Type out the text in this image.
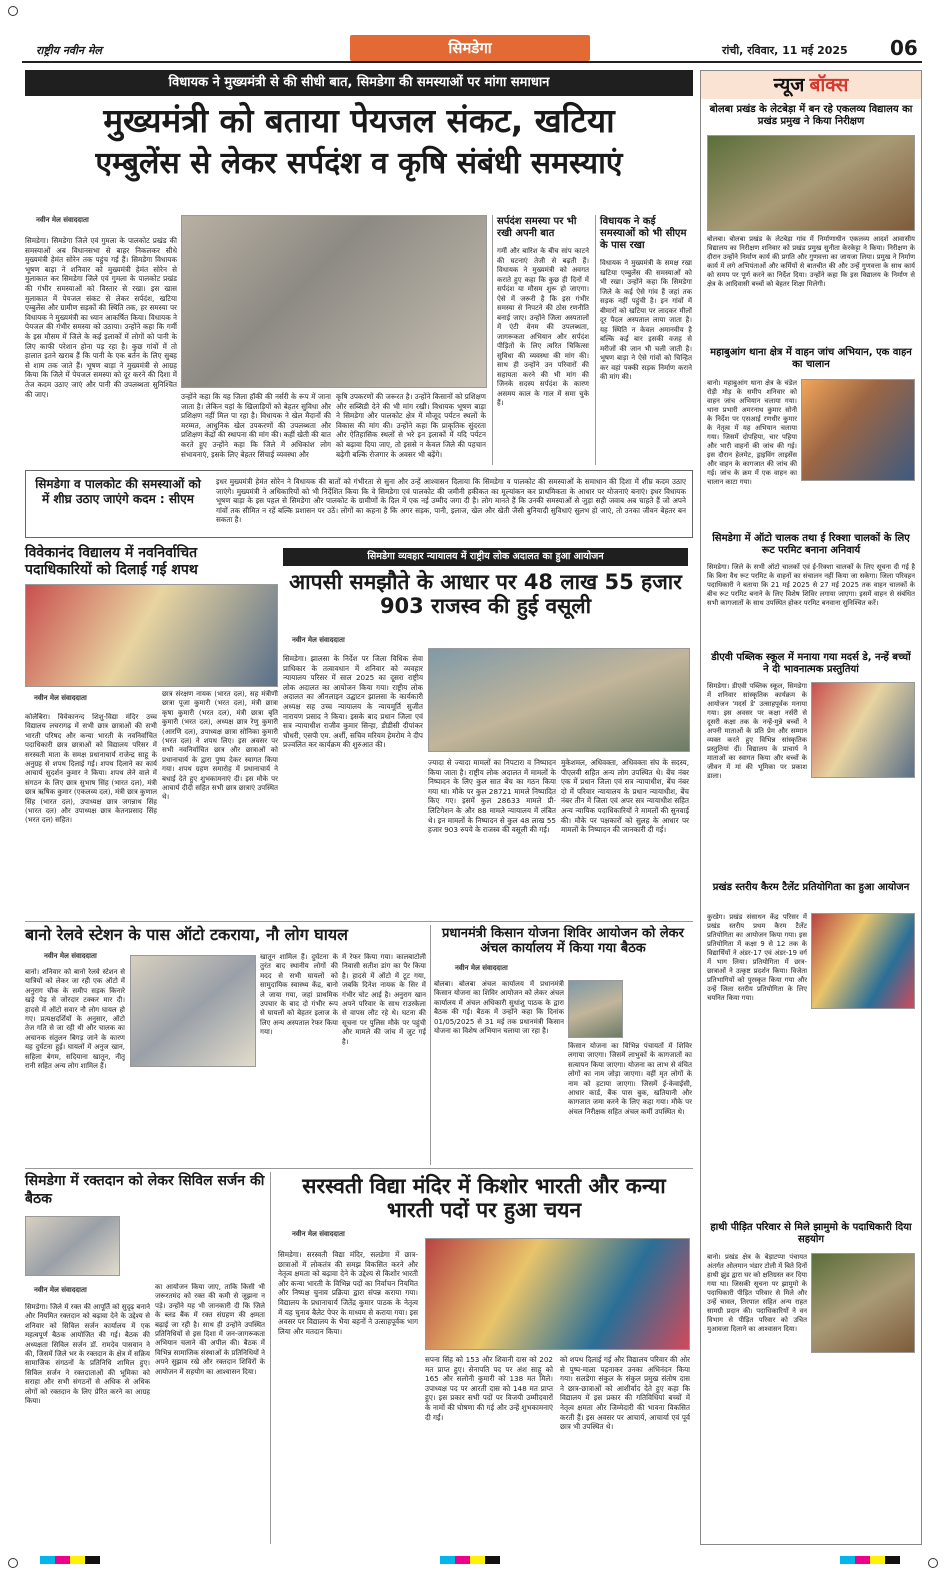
राष्ट्रीय नवीन मेल	सिमडेगा	रांची, रविवार, 11 मई 2025 06
विधायक ने मुख्यमंत्री से की सीधी बात, सिमडेगा की समस्याओं पर मांगा समाधान
मुख्यमंत्री को बताया पेयजल संकट, खटिया
एम्बुलेंस से लेकर सर्पदंश व कृषि संबंधी समस्याएं
नवीन मेल संवाददाता
सिमडेगा। सिमडेगा जिले एवं गुमला के पालकोट प्रखंड की समस्याओं अब विधानसभा से बाहर निकलकर सीधे मुख्यमंत्री हेमंत सोरेन तक पहुंच गई हैं। सिमडेगा विधायक भूषण बाड़ा ने शनिवार को मुख्यमंत्री हेमंत सोरेन से मुलाकात कर सिमडेगा जिले एवं गुमला के पालकोट प्रखंड की गंभीर समस्याओं को विस्तार से रखा। इस खास मुलाकात में पेयजल संकट से लेकर सर्पदंश, खटिया एम्बुलेंस और ग्रामीण सड़कों की स्थिति तक, हर समस्या पर विधायक ने मुख्यमंत्री का ध्यान आकर्षित किया। विधायक ने पेयजल की गंभीर समस्या को उठाया। उन्होंने कहा कि गर्मी के इस मौसम में जिले के कई इलाकों में लोगों को पानी के लिए काफी परेशान होना पड़ रहा है। कुछ गांवों में तो हालात इतने खराब हैं कि पानी के एक बर्तन के लिए सुबह से शाम तक जाते हैं। भूषण बाड़ा ने मुख्यमंत्री से आग्रह किया कि जिले में पेयजल समस्या को दूर करने की दिशा में तेज कदम उठाए जाएं और पानी की उपलब्धता सुनिश्चित की जाए।	उन्होंने कहा कि यह जिला हॉकी की नर्सरी के रूप में जाना जाता है। लेकिन यहां के खिलाड़ियों को बेहतर सुविधा और प्रशिक्षण नहीं मिल पा रहा है। विधायक ने खेल मैदानों की मरम्मत, आधुनिक खेल उपकरणों की उपलब्धता और प्रशिक्षण केंद्रों की स्थापना की मांग की। कहीं खेती की बात करते हुए उन्होंने कहा कि जिले में अधिकांश लोग संभावनाएं, इसके लिए बेहतर सिंचाई व्यवस्था और
कृषि उपकरणों की जरूरत है। उन्होंने किसानों को प्रशिक्षण और सब्सिडी देने की भी मांग रखी। विधायक भूषण बाड़ा ने सिमडेगा और पालकोट क्षेत्र में मौजूद पर्यटन स्थलों के विकास की मांग की। उन्होंने कहा कि प्राकृतिक सुंदरता और ऐतिहासिक स्थलों से भरे इन इलाकों में यदि पर्यटन को बढ़ावा दिया जाए, तो इससे न केवल जिले की पहचान बढ़ेगी बल्कि रोजगार के अवसर भी बढ़ेंगे।
सर्पदंश समस्या पर भी रखी अपनी बात
गर्मी और बारिश के बीच सांप काटने की घटनाएं तेजी से बढ़ती हैं। विधायक ने मुख्यमंत्री को अवगत कराते हुए कहा कि कुछ ही दिनों में सर्पदंश या मौसम शुरू हो जाएगा। ऐसे में जरूरी है कि इस गंभीर समस्या से निपटने की ठोस रणनीति बनाई जाए। उन्होंने जिला अस्पतालों में एंटी वेनम की उपलब्धता, जागरूकता अभियान और सर्पदंश पीड़ितों के लिए त्वरित चिकित्सा सुविधा की व्यवस्था की मांग की। साथ ही उन्होंने उन परिवारों की सहायता करने की भी मांग की जिनके सदस्य सर्पदंश के कारण असमय काल के गाल में समा चुके हैं।
विधायक ने कई समस्याओं को भी सीएम के पास रखा
विधायक ने मुख्यमंत्री के समक्ष रखा खटिया एम्बुलेंस की समस्याओं को भी रखा। उन्होंने कहा कि सिमडेगा जिले के कई ऐसे गांव हैं जहां तक सड़क नहीं पहुंची है। इन गांवों में बीमारों को खटिया पर लादकर मीलों दूर पैदल अस्पताल लाया जाता है। यह स्थिति न केवल अमानवीय है बल्कि कई बार इसकी वजह से मरीजों की जान भी चली जाती है। भूषण बाड़ा ने ऐसे गांवों को चिन्हित कर वहां पक्की सड़क निर्माण कराने की मांग की।
सिमडेगा व पालकोट की समस्याओं को में शीघ्र उठाए जाएंगे कदम : सीएम
इधर मुख्यमंत्री हेमंत सोरेन ने विधायक की बातों को गंभीरता से सुना और उन्हें आश्वासन दिलाया कि सिमडेगा व पालकोट की समस्याओं के समाधान की दिशा में शीघ्र कदम उठाए जाएंगे। मुख्यमंत्री ने अधिकारियों को भी निर्देशित किया कि वे सिमडेगा एवं पालकोट की जमीनी हकीकत का मूल्यांकन कर प्राथमिकता के आधार पर योजनाएं बनाएं। इधर विधायक भूषण बाड़ा के इस पहल से सिमडेगा और पालकोट के ग्रामीणों के दिल में एक नई उम्मीद जगा दी है। लोग मानते हैं कि उनकी समस्याओं से जुड़ा सही जवाब अब चाहते हैं जो अपने गांवों तक सीमित न रहें बल्कि प्रशासन पर उठें। लोगों का कहना है कि अगर सड़क, पानी, इलाज, खेल और खेती जैसी बुनियादी सुविधाएं सुलभ हो जाएं, तो उनका जीवन बेहतर बन सकता है।
विवेकानंद विद्यालय में नवनिर्वाचित पदाधिकारियों को दिलाई गई शपथ
नवीन मेल संवाददाता
कोलेबिरा। विवेकानन्द शिशु-विद्या मंदिर उच्च विद्यालय लचरागढ़ में सभी छात्र छात्राओं की सभी भारती परिषद और कन्या भारती के नवनिर्वाचित पदाधिकारी छात्र छात्राओं को विद्यालय परिसर में सरस्वती माता के समक्ष प्रधानाचार्य राजेन्द्र साहू के अनुग्रह से शपथ दिलाई गई। शपथ दिलाने का कार्य आचार्य सुदर्शन कुमार ने किया। शपथ लेने वाले में संगठन के लिए छात्र सुभाष सिंह (भारत दल), मंत्री छात्र ऋषिक कुमार (एकलव्य दल), मंत्री छात्र कुणाल सिंह (भारत दल), उपाध्यक्ष छात्र जगन्नाथ सिंह (भारत दल) और उपाध्यक्ष छात्र केतनप्रसाद सिंह (भरत दल) सहित।
छात्र संरक्षण नायक (भारत दल), सह मंत्रीणी छात्रा पूजा कुमारी (भरत दल), मंत्री छात्रा कृषा कुमारी (भरत दल), मंत्री छात्रा बृति कुमारी (भरत दल), अध्यक्ष छात्र रेणु कुमारी (आरणि दल), उपाध्यक्ष छात्रा सोनिका कुमारी (भरत दल) ने शपथ लिए। इस अवसर पर सभी नवनिर्वाचित छात्र और छात्राओं को प्रधानाचार्य के द्वारा पुष्प देकर स्वागत किया गया। शपथ ग्रहण समारोह में प्रधानाचार्य ने बधाई देते हुए शुभकामनाएं दी। इस मौके पर आचार्य दीदी सहित सभी छात्र छात्राएं उपस्थित थे।
सिमडेगा व्यवहार न्यायालय में राष्ट्रीय लोक अदालत का हुआ आयोजन
आपसी समझौते के आधार पर 48 लाख 55 हजार 903 राजस्व की हुई वसूली
नवीन मेल संवाददाता
सिमडेगा। झालसा के निर्देश पर जिला विधिक सेवा प्राधिकार के तत्वावधान में शनिवार को व्यवहार न्यायालय परिसर में साल 2025 का दूसरा राष्ट्रीय लोक अदालत का आयोजन किया गया। राष्ट्रीय लोक अदालत का ऑनलाइन उद्घाटन झालसा के कार्यकारी अध्यक्ष सह उच्च न्यायालय के न्यायमूर्ति सुजीत नारायण प्रसाद ने किया। इसके बाद प्रधान जिला एवं सत्र न्यायाधीश राजीव कुमार सिन्हा, डीडीसी दीपांकर चौधरी, एसपी एम. अर्शी, सचिव मरियम हेमरोम ने दीप प्रज्वलित कर कार्यक्रम की शुरुआत की।
ज्यादा से ज्यादा मामलों का निपटारा व निष्पादन किया जाता है। राष्ट्रीय लोक अदालत में मामलों के निष्पादन के लिए कुल सात बेंच का गठन किया गया था। मौके पर कुल 28721 मामले निष्पादित किए गए। इसमें कुल 28633 मामले प्री-लिटिगेशन के और 88 मामले न्यायालय में लंबित थे। इन मामलों के निष्पादन से कुल 48 लाख 55 हजार 903 रुपये के राजस्व की वसूली की गई।
मुकेशमल, अधिवक्ता, अधिवक्ता संघ के सदस्य, पीएलवी सहित अन्य लोग उपस्थित थे। बेंच नंबर एक में प्रधान जिला एवं सत्र न्यायाधीश, बेंच नंबर दो में परिवार न्यायालय के प्रधान न्यायाधीश, बेंच नंबर तीन में जिला एवं अपर सत्र न्यायाधीश सहित अन्य न्यायिक पदाधिकारियों ने मामलों की सुनवाई की। मौके पर पक्षकारों को सुलह के आधार पर मामलों के निष्पादन की जानकारी दी गई।
बानो रेलवे स्टेशन के पास ऑटो टकराया, नौ लोग घायल
नवीन मेल संवाददाता
बानो। शनिवार को बानो रेलवे स्टेशन से यात्रियों को लेकर जा रही एक ऑटो में अनुराग चौक के समीप सड़क किनारे खड़े पेड़ से जोरदार टक्कर मार दी। हादसे में ऑटो सवार नौ लोग घायल हो गए। प्रत्यक्षदर्शियों के अनुसार, ऑटो तेज गति से जा रही थी और चालक का अचानक संतुलन बिगड़ जाने के कारण यह दुर्घटना हुई। घायलों में अनुज खान, सहिला बेगम, सदियाना खातून, नीतू रानी सहित अन्य लोग शामिल हैं।
खातून शामिल हैं। दुर्घटना के तुरंत बाद स्थानीय लोगों की मदद से सभी घायलों को सामुदायिक स्वास्थ्य केंद्र, बानो ले जाया गया, जहां प्राथमिक उपचार के बाद दो गंभीर रूप से घायलों को बेहतर इलाज के लिए अन्य अस्पताल रेफर किया गया।
में रेफर किया गया। कालबाटोली निवासी सतीश डांग का पैर किया है। हादसे में ऑटो में टूट गया, जबकि दिनेश नायक के सिर में गंभीर चोट आई है। अनुराग खान अपने परिवार के साथ राउरकेला से वापस लौट रहे थे। घटना की सूचना पर पुलिस मौके पर पहुंची और मामले की जांच में जुट गई है।
प्रधानमंत्री किसान योजना शिविर आयोजन को लेकर अंचल कार्यालय में किया गया बैठक
नवीन मेल संवाददाता
बोलबा। बोलबा अंचल कार्यालय में प्रधानमंत्री किसान योजना का शिविर आयोजन को लेकर अंचल कार्यालय में अंचल अधिकारी सुधांशु पाठक के द्वारा बैठक की गई। बैठक में उन्होंने कहा कि दिनांक 01/05/2025 से 31 मई तक प्रधानमंत्री किसान योजना का विशेष अभियान चलाया जा रहा है।
किसान योजना का विभिन्न पंचायतों में शिविर लगाया जाएगा। जिसमें लाभुकों के कागजातों का सत्यापन किया जाएगा। योजना का लाभ से वंचित लोगों का नाम जोड़ा जाएगा। वहीं मृत लोगों के नाम को हटाया जाएगा। जिसमें ई-केवाईसी, आधार कार्ड, बैंक पास बुक, खतियानी और कागजात जमा करने के लिए कहा गया। मौके पर अंचल निरीक्षक सहित अंचल कर्मी उपस्थित थे।
सिमडेगा में रक्तदान को लेकर सिविल सर्जन की बैठक
नवीन मेल संवाददाता
सिमडेगा। जिले में रक्त की आपूर्ति को सुदृढ़ बनाने और नियमित रक्तदान को बढ़ावा देने के उद्देश्य से शनिवार को सिविल सर्जन कार्यालय में एक महत्वपूर्ण बैठक आयोजित की गई। बैठक की अध्यक्षता सिविल सर्जन डॉ. रामदेव पासवान ने की, जिसमें जिले भर के रक्तदान के क्षेत्र में सक्रिय सामाजिक संगठनों के प्रतिनिधि शामिल हुए। सिविल सर्जन ने रक्तदाताओं की भूमिका को सराहा और सभी संगठनों से अधिक से अधिक लोगों को रक्तदान के लिए प्रेरित करने का आग्रह किया।
का आयोजन किया जाए, ताकि किसी भी जरूरतमंद को रक्त की कमी से जूझना न पड़े। उन्होंने यह भी जानकारी दी कि जिले के ब्लड बैंक में रक्त संग्रहण की क्षमता बढ़ाई जा रही है। साथ ही उन्होंने उपस्थित प्रतिनिधियों से इस दिशा में जन-जागरूकता अभियान चलाने की अपील की। बैठक में विभिन्न सामाजिक संस्थाओं के प्रतिनिधियों ने अपने सुझाव रखे और रक्तदान शिविरों के आयोजन में सहयोग का आश्वासन दिया।
सरस्वती विद्या मंदिर में किशोर भारती और कन्या भारती पदों पर हुआ चयन
नवीन मेल संवाददाता
सिमडेगा। सरस्वती विद्या मंदिर, सलडेगा में छात्र-छात्राओं में लोकतंत्र की समझ विकसित करने और नेतृत्व क्षमता को बढ़ावा देने के उद्देश्य से किशोर भारती और कन्या भारती के विभिन्न पदों का निर्वाचन नियमित और निष्पक्ष चुनाव प्रक्रिया द्वारा संपन्न कराया गया। विद्यालय के प्रधानाचार्य जितेंद्र कुमार पाठक के नेतृत्व में यह चुनाव बैलेट पेपर के माध्यम से कराया गया। इस अवसर पर विद्यालय के भैया बहनों ने उत्साहपूर्वक भाग लिया और मतदान किया।
सपना सिंह को 153 और शिवानी दास को 202 मत प्राप्त हुए। सेनापति पद पर अंश साहू को 165 और सलोनी कुमारी को 138 मत मिले। उपाध्यक्ष पद पर आरती दास को 148 मत प्राप्त हुए। इस प्रकार सभी पदों पर विजयी उम्मीदवारों के नामों की घोषणा की गई और उन्हें शुभकामनाएं दी गईं।
को शपथ दिलाई गई और विद्यालय परिवार की ओर से पुष्प-माला पहनाकर उनका अभिनंदन किया गया। सलडेगा संकुल के संकुल प्रमुख संतोष दास ने छात्र-छात्राओं को आशीर्वाद देते हुए कहा कि विद्यालय में इस प्रकार की गतिविधियां बच्चों में नेतृत्व क्षमता और जिम्मेदारी की भावना विकसित करती हैं। इस अवसर पर आचार्य, आचार्या एवं पूर्व छात्र भी उपस्थित थे।
न्यूज बॉक्स
बोलबा प्रखंड के लेटबेड़ा में बन रहे एकलव्य विद्यालय का प्रखंड प्रमुख ने किया निरीक्षण
बोलबा। बोलबा प्रखंड के लेटबेड़ा गांव में निर्माणाधीन एकलव्य आदर्श आवासीय विद्यालय का निरीक्षण शनिवार को प्रखंड प्रमुख सुनीता केरकेट्टा ने किया। निरीक्षण के दौरान उन्होंने निर्माण कार्य की प्रगति और गुणवत्ता का जायजा लिया। प्रमुख ने निर्माण कार्य में लगे अभियंताओं और कर्मियों से बातचीत की और उन्हें गुणवत्ता के साथ कार्य को समय पर पूर्ण करने का निर्देश दिया। उन्होंने कहा कि इस विद्यालय के निर्माण से क्षेत्र के आदिवासी बच्चों को बेहतर शिक्षा मिलेगी।
महाबुआंग थाना क्षेत्र में वाहन जांच अभियान, एक वाहन का चालान
बानो। महाबुआंग थाना क्षेत्र के चंडेल रोड़ी मोड़ के समीप शनिवार को वाहन जांच अभियान चलाया गया। थाना प्रभारी अमरनाथ कुमार सोनी के निर्देश पर एसआई रणधीर कुमार के नेतृत्व में यह अभियान चलाया गया। जिसमें दोपहिया, चार पहिया और भारी वाहनों की जांच की गई। इस दौरान हेलमेट, ड्राइविंग लाइसेंस और वाहन के कागजात की जांच की गई। जांच के क्रम में एक वाहन का चालान काटा गया।
सिमडेगा में ऑटो चालक तथा ई रिक्शा चालकों के लिए रूट परमिट बनाना अनिवार्य
सिमडेगा। जिले के सभी ऑटो चालकों एवं ई-रिक्शा चालकों के लिए सूचना दी गई है कि बिना वैध रूट परमिट के वाहनों का संचालन नहीं किया जा सकेगा। जिला परिवहन पदाधिकारी ने बताया कि 21 मई 2025 से 27 मई 2025 तक वाहन चालकों के बीच रूट परमिट बनाने के लिए विशेष शिविर लगाया जाएगा। इसमें वाहन से संबंधित सभी कागजातों के साथ उपस्थित होकर परमिट बनवाना सुनिश्चित करें।
डीएवी पब्लिक स्कूल में मनाया गया मदर्स डे, नन्हें बच्चों ने दी भावनात्मक प्रस्तुतियां
सिमडेगा। डीएवी पब्लिक स्कूल, सिमडेगा में शनिवार सांस्कृतिक कार्यक्रम के आयोजन 'मदर्स डे' उत्साहपूर्वक मनाया गया। इस अवसर पर कक्षा नर्सरी से दूसरी कक्षा तक के नन्हें-मुन्ने बच्चों ने अपनी माताओं के प्रति प्रेम और सम्मान व्यक्त करते हुए विभिन्न सांस्कृतिक प्रस्तुतियां दीं। विद्यालय के प्राचार्य ने माताओं का स्वागत किया और बच्चों के जीवन में मां की भूमिका पर प्रकाश डाला।
प्रखंड स्तरीय कैरम टैलेंट प्रतियोगिता का हुआ आयोजन
कुरडेग। प्रखंड संसाधन केंद्र परिसर में प्रखंड स्तरीय प्रथम कैरम टैलेंट प्रतियोगिता का आयोजन किया गया। इस प्रतियोगिता में कक्षा 9 से 12 तक के विद्यार्थियों ने अंडर-17 एवं अंडर-19 वर्ग में भाग लिया। प्रतियोगिता में छात्र-छात्राओं ने उत्कृष्ट प्रदर्शन किया। विजेता प्रतिभागियों को पुरस्कृत किया गया और उन्हें जिला स्तरीय प्रतियोगिता के लिए चयनित किया गया।
हाथी पीड़ित परिवार से मिले झामुमो के पदाधिकारी दिया सहयोग
बानो। प्रखंड क्षेत्र के बेड़ाटप्पा पंचायत अंतर्गत ओलमान भंडार टोली में बिते दिनों हाथी झुंड द्वारा घर को क्षतिग्रस्त कर दिया गया था। जिसकी सूचना पर झामुमो के पदाधिकारी पीड़ित परिवार से मिले और उन्हें चावल, तिरपाल सहित अन्य राहत सामग्री प्रदान की। पदाधिकारियों ने वन विभाग से पीड़ित परिवार को उचित मुआवजा दिलाने का आश्वासन दिया।
